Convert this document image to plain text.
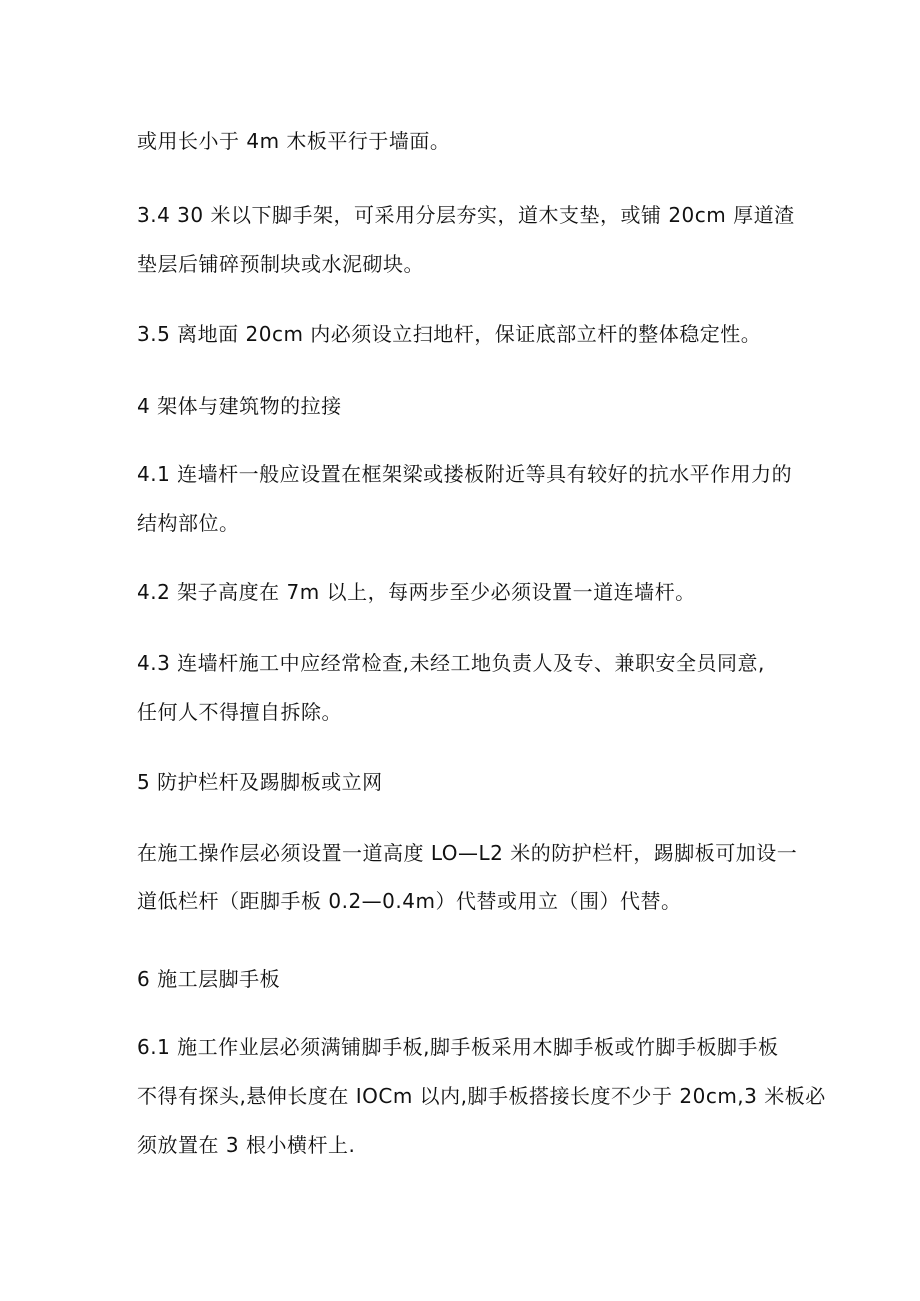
或用长小于 4m 木板平行于墙面。
3.4 30 米以下脚手架，可采用分层夯实，道木支垫，或铺 20cm 厚道渣
垫层后铺碎预制块或水泥砌块。
3.5 离地面 20cm 内必须设立扫地杆，保证底部立杆的整体稳定性。
4 架体与建筑物的拉接
4.1 连墙杆一般应设置在框架梁或搂板附近等具有较好的抗水平作用力的
结构部位。
4.2 架子高度在 7m 以上，每两步至少必须设置一道连墙杆。
4.3 连墙杆施工中应经常检查,未经工地负责人及专、兼职安全员同意,
任何人不得擅自拆除。
5 防护栏杆及踢脚板或立网
在施工操作层必须设置一道高度 LO—L2 米的防护栏杆，踢脚板可加设一
道低栏杆（距脚手板 0.2—0.4m）代替或用立（围）代替。
6 施工层脚手板
6.1 施工作业层必须满铺脚手板,脚手板采用木脚手板或竹脚手板脚手板
不得有探头,悬伸长度在 IOCm 以内,脚手板搭接长度不少于 20cm,3 米板必
须放置在 3 根小横杆上.
